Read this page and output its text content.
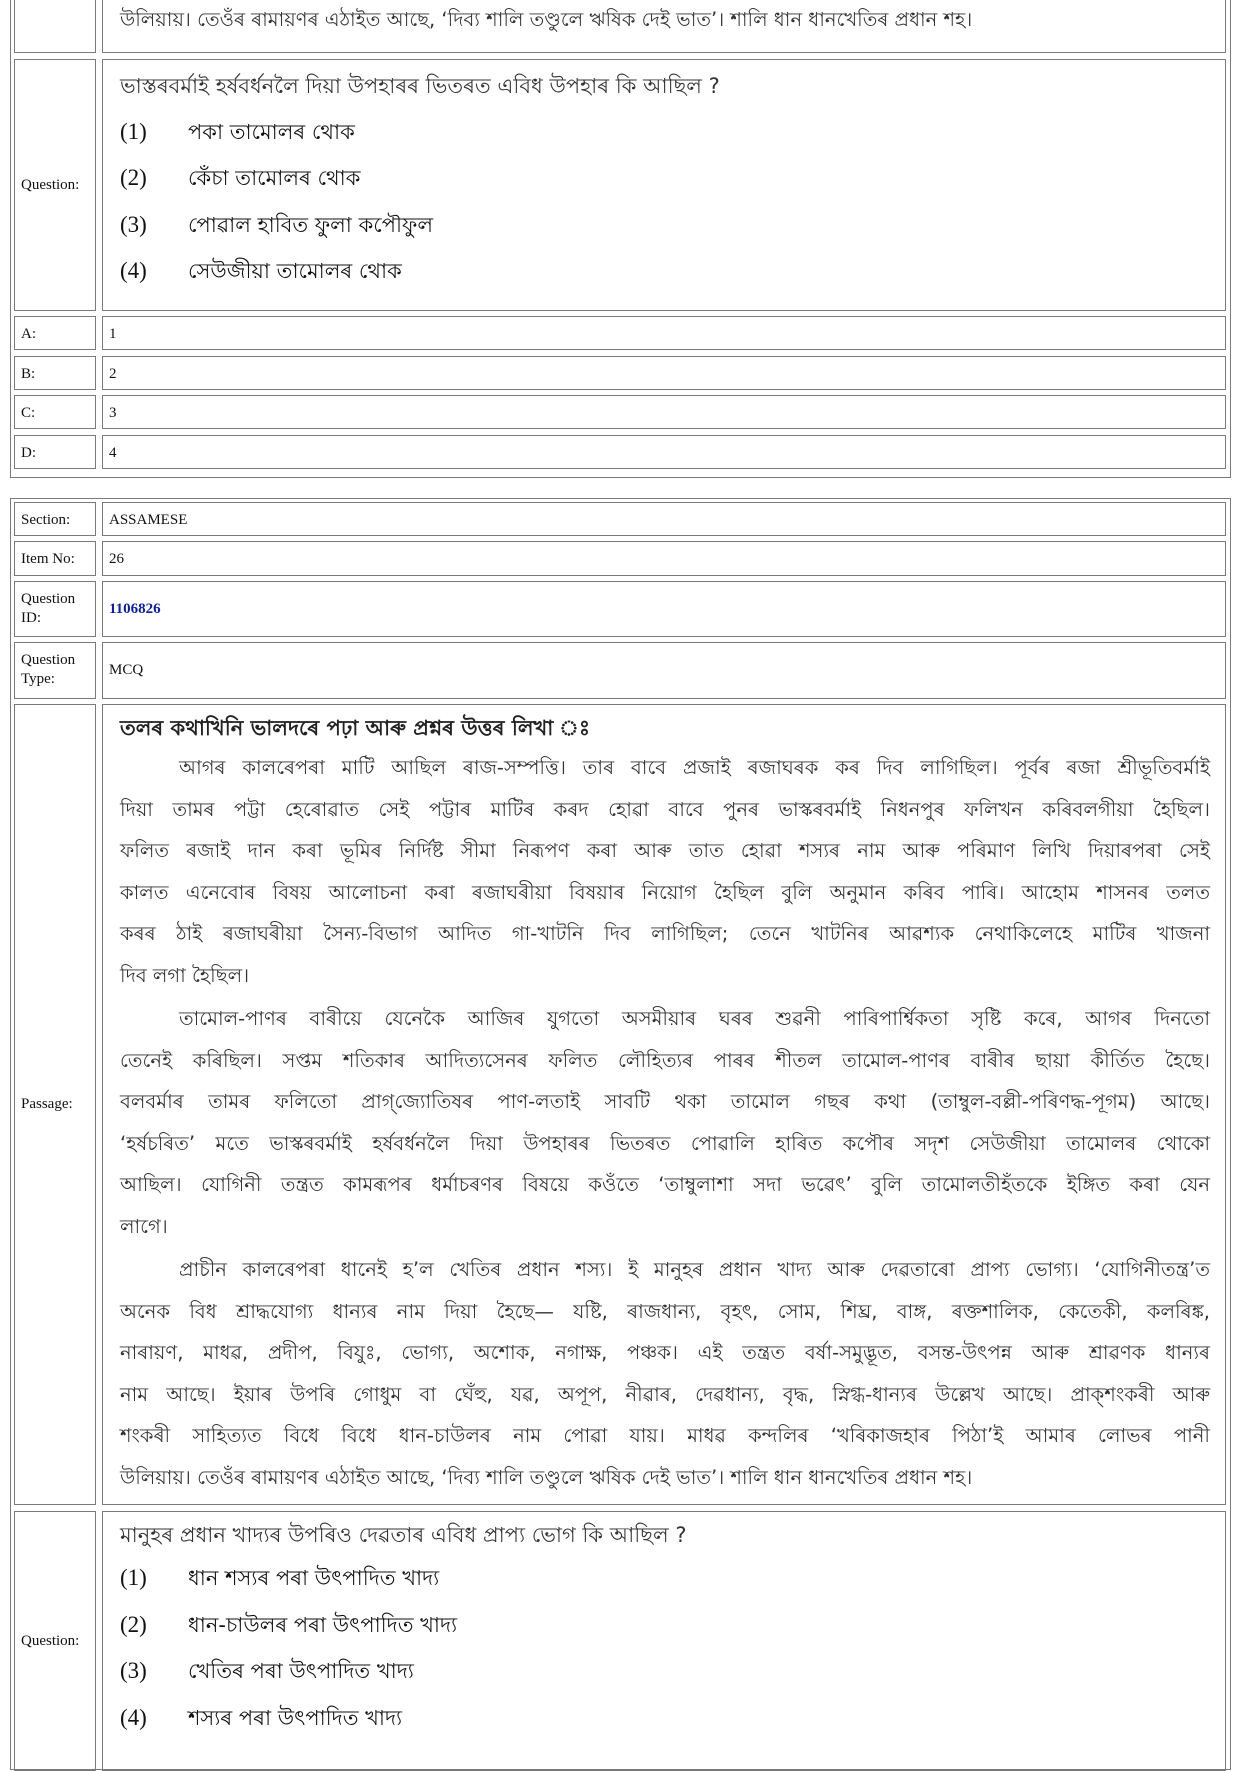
উলিয়ায়। তেওঁৰ ৰামায়ণৰ এঠাইত আছে, ‘দিব্য শালি তণ্ডুলে ঋষিক দেই ভাত’। শালি ধান ধানখেতিৰ প্ৰধান শহ।
Question:
ভাস্তৰবৰ্মাই হৰ্ষবৰ্ধনলৈ দিয়া উপহাৰৰ ভিতৰত এবিধ উপহাৰ কি আছিল ?
(1) পকা তামোলৰ থোক
(2) কেঁচা তামোলৰ থোক
(3) পোৱাল হাবিত ফুলা কপৌফুল
(4) সেউজীয়া তামোলৰ থোক
A:	1
B:	2
C:	3
D:	4
Section:	ASSAMESE
Item No:	26
Question ID:
1106826
Question Type:
MCQ
Passage:
তলৰ কথাখিনি ভালদৰে পঢ়া আৰু প্ৰশ্নৰ উত্তৰ লিখা ঃ
আগৰ কালৰেপৰা মাটি আছিল ৰাজ-সম্পত্তি। তাৰ বাবে প্ৰজাই ৰজাঘৰক কৰ দিব লাগিছিল। পূৰ্বৰ ৰজা শ্ৰীভূতিবৰ্মাই
দিয়া তামৰ পট্টা হেৰোৱাত সেই পট্টাৰ মাটিৰ কৰদ হোৱা বাবে পুনৰ ভাস্কৰবৰ্মাই নিধনপুৰ ফলিখন কৰিবলগীয়া হৈছিল।
ফলিত ৰজাই দান কৰা ভূমিৰ নিৰ্দিষ্ট সীমা নিৰূপণ কৰা আৰু তাত হোৱা শস্যৰ নাম আৰু পৰিমাণ লিখি দিয়াৰপৰা সেই
কালত এনেবোৰ বিষয় আলোচনা কৰা ৰজাঘৰীয়া বিষয়াৰ নিয়োগ হৈছিল বুলি অনুমান কৰিব পাৰি। আহোম শাসনৰ তলত
কৰৰ ঠাই ৰজাঘৰীয়া সৈন্য-বিভাগ আদিত গা-খাটনি দিব লাগিছিল; তেনে খাটনিৰ আৱশ্যক নেথাকিলেহে মাটিৰ খাজনা
দিব লগা হৈছিল।
তামোল-পাণৰ বাৰীয়ে যেনেকৈ আজিৰ যুগতো অসমীয়াৰ ঘৰৰ শুৱনী পাৰিপাৰ্শ্বিকতা সৃষ্টি কৰে, আগৰ দিনতো
তেনেই কৰিছিল। সপ্তম শতিকাৰ আদিত্যসেনৰ ফলিত লৌহিত্যৰ পাৰৰ শীতল তামোল-পাণৰ বাৰীৰ ছায়া কীৰ্তিত হৈছে।
বলবৰ্মাৰ তামৰ ফলিতো প্ৰাগ্‌জ্যোতিষৰ পাণ-লতাই সাবটি থকা তামোল গছৰ কথা (তাম্বুল-বল্লী-পৰিণদ্ধ-পূগম) আছে।
‘হৰ্ষচৰিত’ মতে ভাস্কৰবৰ্মাই হৰ্ষবৰ্ধনলৈ দিয়া উপহাৰৰ ভিতৰত পোৱালি হাৰিত কপৌৰ সদৃশ সেউজীয়া তামোলৰ থোকো
আছিল। যোগিনী তন্ত্ৰত কামৰূপৰ ধৰ্মাচৰণৰ বিষয়ে কওঁতে ‘তাম্বুলাশা সদা ভৱেৎ’ বুলি তামোলতীহঁতকে ইঙ্গিত কৰা যেন
লাগে।
প্ৰাচীন কালৰেপৰা ধানেই হ’ল খেতিৰ প্ৰধান শস্য। ই মানুহৰ প্ৰধান খাদ্য আৰু দেৱতাৰো প্ৰাপ্য ভোগ্য। ‘যোগিনীতন্ত্ৰ’ত
অনেক বিধ শ্ৰাদ্ধযোগ্য ধান্যৰ নাম দিয়া হৈছে— যষ্টি, ৰাজধান্য, বৃহৎ, সোম, শিঘ্ৰ, বাঙ্গ, ৰক্তশালিক, কেতেকী, কলৰিঙ্ক,
নাৰায়ণ, মাধৱ, প্ৰদীপ, বিযুঃ, ভোগ্য, অশোক, নগাক্ষ, পঞ্চক। এই তন্ত্ৰত বৰ্ষা-সমুদ্ভূত, বসন্ত-উৎপন্ন আৰু শ্ৰাৱণক ধান্যৰ
নাম আছে। ইয়াৰ উপৰি গোধুম বা ঘেঁহু, যৱ, অপূপ, নীৱাৰ, দেৱধান্য, বৃদ্ধ, স্নিগ্ধ-ধান্যৰ উল্লেখ আছে। প্ৰাক্‌শংকৰী আৰু
শংকৰী সাহিত্যত বিধে বিধে ধান-চাউলৰ নাম পোৱা যায়। মাধৱ কন্দলিৰ ‘খৰিকাজহাৰ পিঠা’ই আমাৰ লোভৰ পানী
উলিয়ায়। তেওঁৰ ৰামায়ণৰ এঠাইত আছে, ‘দিব্য শালি তণ্ডুলে ঋষিক দেই ভাত’। শালি ধান ধানখেতিৰ প্ৰধান শহ।
Question:
মানুহৰ প্ৰধান খাদ্যৰ উপৰিও দেৱতাৰ এবিধ প্ৰাপ্য ভোগ কি আছিল ?
(1) ধান শস্যৰ পৰা উৎপাদিত খাদ্য
(2) ধান-চাউলৰ পৰা উৎপাদিত খাদ্য
(3) খেতিৰ পৰা উৎপাদিত খাদ্য
(4) শস্যৰ পৰা উৎপাদিত খাদ্য
